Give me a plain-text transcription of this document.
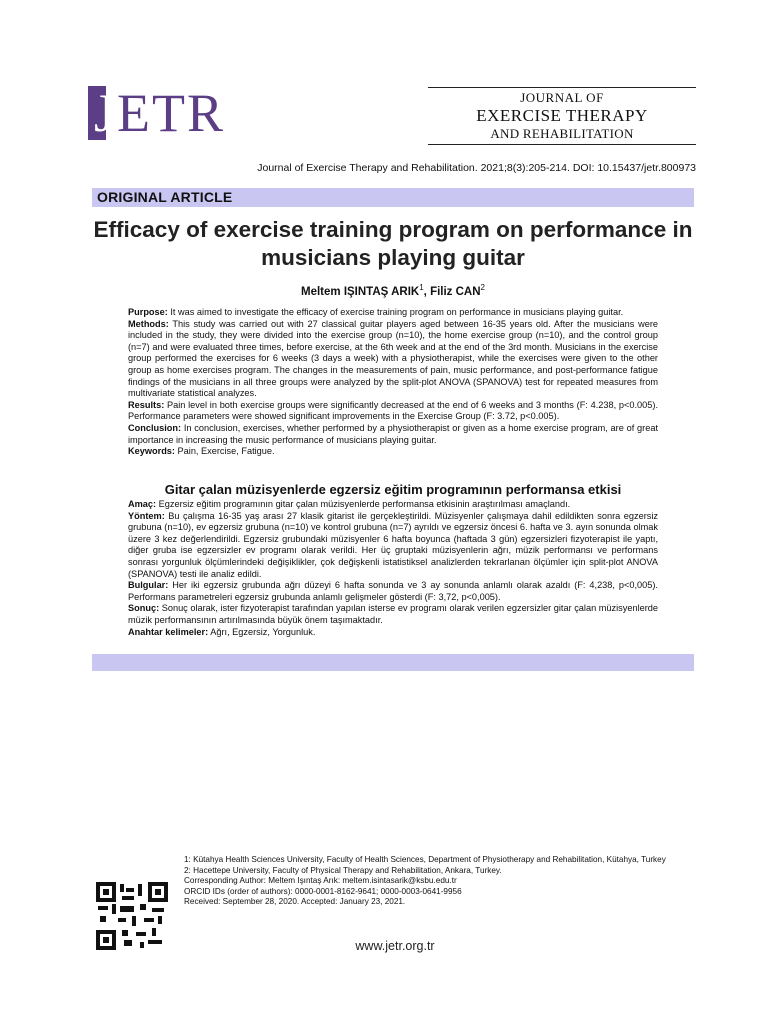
JETR	JOURNAL OF
EXERCISE THERAPY
AND REHABILITATION
Journal of Exercise Therapy and Rehabilitation. 2021;8(3):205-214. DOI: 10.15437/jetr.800973
ORIGINAL ARTICLE
Efficacy of exercise training program on performance in musicians playing guitar
Meltem IŞINTAŞ ARIK$^1$, Filiz CAN$^2$

Purpose: It was aimed to investigate the efficacy of exercise training program on performance in musicians playing guitar.

Methods: This study was carried out with 27 classical guitar players aged between 16-35 years old. After the musicians were included in the study, they were divided into the exercise group (n=10), the home exercise group (n=10), and the control group (n=7) and were evaluated three times, before exercise, at the 6th week and at the end of the 3rd month. Musicians in the exercise group performed the exercises for 6 weeks (3 days a week) with a physiotherapist, while the exercises were given to the other group as home exercises program. The changes in the measurements of pain, music performance, and post-performance fatigue findings of the musicians in all three groups were analyzed by the split-plot ANOVA (SPANOVA) test for repeated measures from multivariate statistical analyzes.

Results: Pain level in both exercise groups were significantly decreased at the end of 6 weeks and 3 months (F: 4.238, p<0.005). Performance parameters were showed significant improvements in the Exercise Group (F: 3.72, p<0.005).

Conclusion: In conclusion, exercises, whether performed by a physiotherapist or given as a home exercise program, are of great importance in increasing the music performance of musicians playing guitar.

Keywords: Pain, Exercise, Fatigue.

Gitar çalan müzisyenlerde egzersiz eğitim programının performansa etkisi

Amaç: Egzersiz eğitim programının gitar çalan müzisyenlerde performansa etkisinin araştırılması amaçlandı.

Yöntem: Bu çalışma 16-35 yaş arası 27 klasik gitarist ile gerçekleştirildi. Müzisyenler çalışmaya dahil edildikten sonra egzersiz grubuna (n=10), ev egzersiz grubuna (n=10) ve kontrol grubuna (n=7) ayrıldı ve egzersiz öncesi 6. hafta ve 3. ayın sonunda olmak üzere 3 kez değerlendirildi. Egzersiz grubundaki müzisyenler 6 hafta boyunca (haftada 3 gün) egzersizleri fizyoterapist ile yaptı, diğer gruba ise egzersizler ev programı olarak verildi. Her üç gruptaki müzisyenlerin ağrı, müzik performansı ve performans sonrası yorgunluk ölçümlerindeki değişiklikler, çok değişkenli istatistiksel analizlerden tekrarlanan ölçümler için split-plot ANOVA (SPANOVA) testi ile analiz edildi.

Bulgular: Her iki egzersiz grubunda ağrı düzeyi 6 hafta sonunda ve 3 ay sonunda anlamlı olarak azaldı (F: 4,238, p<0,005). Performans parametreleri egzersiz grubunda anlamlı gelişmeler gösterdi (F: 3,72, p<0,005).

Sonuç: Sonuç olarak, ister fizyoterapist tarafından yapılan isterse ev programı olarak verilen egzersizler gitar çalan müzisyenlerde müzik performansının artırılmasında büyük önem taşımaktadır.

Anahtar kelimeler: Ağrı, Egzersiz, Yorgunluk.

1: Kütahya Health Sciences University, Faculty of Health Sciences, Department of Physiotherapy and Rehabilitation, Kütahya, Turkey
2: Hacettepe University, Faculty of Physical Therapy and Rehabilitation, Ankara, Turkey.
Corresponding Author: Meltem Işıntaş Arık: meltem.isintasarik@ksbu.edu.tr
ORCID IDs (order of authors): 0000-0001-8162-9641; 0000-0003-0641-9956
Received: September 28, 2020. Accepted: January 23, 2021.
www.jetr.org.tr
